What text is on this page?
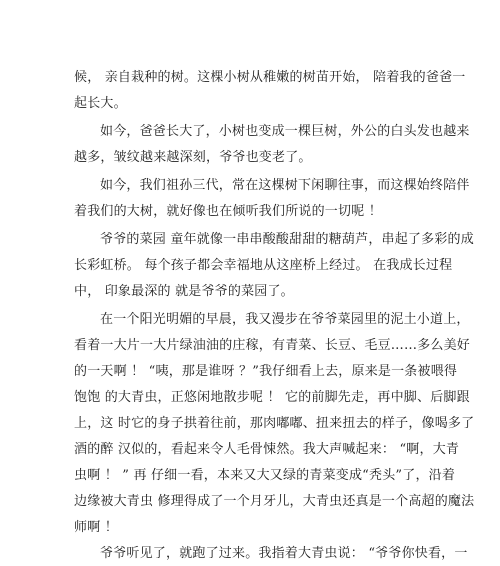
候， 亲自栽种的树。这棵小树从稚嫩的树苗开始， 陪着我的爸爸一
起长大。
如今，爸爸长大了，小树也变成一棵巨树，外公的白头发也越来
越多，皱纹越来越深刻，爷爷也变老了。
如今，我们祖孙三代，常在这棵树下闲聊往事，而这棵始终陪伴
着我们的大树，就好像也在倾听我们所说的一切呢 ！
爷爷的菜园 童年就像一串串酸酸甜甜的糖葫芦，串起了多彩的成
长彩虹桥。 每个孩子都会幸福地从这座桥上经过。 在我成长过程
中， 印象最深的 就是爷爷的菜园了。
在一个阳光明媚的早晨，我又漫步在爷爷菜园里的泥土小道上，
看着一大片一大片绿油油的庄稼，有青菜、长豆、毛豆……多么美好
的一天啊 ！ “咦，那是谁呀 ？”我仔细看上去，原来是一条被喂得
饱饱 的大青虫，正悠闲地散步呢 ！ 它的前脚先走，再中脚、后脚跟
上，这 时它的身子拱着往前，那肉嘟嘟、扭来扭去的样子，像喝多了
酒的醉 汉似的，看起来令人毛骨悚然。我大声喊起来： “啊，大青
虫啊 ！ ” 再 仔细一看，本来又大又绿的青菜变成“秃头”了，沿着
边缘被大青虫 修理得成了一个月牙儿，大青虫还真是一个高超的魔法
师啊 ！
爷爷听见了，就跑了过来。我指着大青虫说： “爷爷你快看，一
